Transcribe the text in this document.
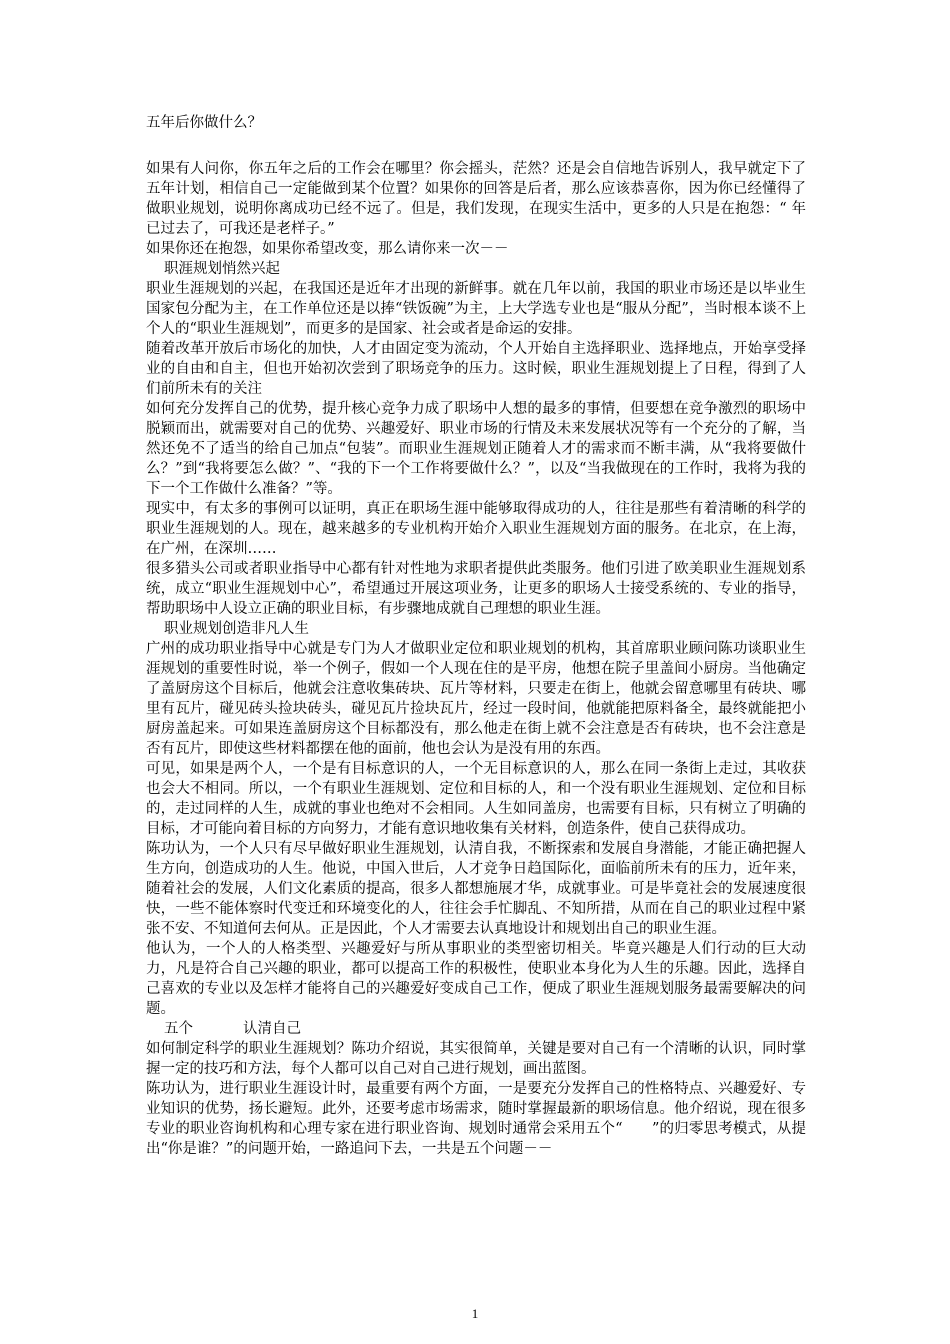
五年后你做什么？

如果有人问你，你五年之后的工作会在哪里？你会摇头，茫然？还是会自信地告诉别人，我早就定下了五年计划，相信自己一定能做到某个位置？如果你的回答是后者，那么应该恭喜你，因为你已经懂得了做职业规划，说明你离成功已经不远了。但是，我们发现，在现实生活中，更多的人只是在抱怨：“ 年已过去了，可我还是老样子。”

如果你还在抱怨，如果你希望改变，那么请你来一次－－

职涯规划悄然兴起

职业生涯规划的兴起，在我国还是近年才出现的新鲜事。就在几年以前，我国的职业市场还是以毕业生国家包分配为主，在工作单位还是以捧“铁饭碗”为主，上大学选专业也是“服从分配”，当时根本谈不上个人的“职业生涯规划”，而更多的是国家、社会或者是命运的安排。

随着改革开放后市场化的加快，人才由固定变为流动，个人开始自主选择职业、选择地点，开始享受择业的自由和自主，但也开始初次尝到了职场竞争的压力。这时候，职业生涯规划提上了日程，得到了人们前所未有的关注

如何充分发挥自己的优势，提升核心竞争力成了职场中人想的最多的事情，但要想在竞争激烈的职场中脱颖而出，就需要对自己的优势、兴趣爱好、职业市场的行情及未来发展状况等有一个充分的了解，当然还免不了适当的给自己加点“包装”。而职业生涯规划正随着人才的需求而不断丰满，从“我将要做什么？”到“我将要怎么做？”、“我的下一个工作将要做什么？”，以及“当我做现在的工作时，我将为我的下一个工作做什么准备？”等。

现实中，有太多的事例可以证明，真正在职场生涯中能够取得成功的人，往往是那些有着清晰的科学的职业生涯规划的人。现在，越来越多的专业机构开始介入职业生涯规划方面的服务。在北京，在上海，在广州，在深圳……

很多猎头公司或者职业指导中心都有针对性地为求职者提供此类服务。他们引进了欧美职业生涯规划系统，成立“职业生涯规划中心”，希望通过开展这项业务，让更多的职场人士接受系统的、专业的指导，帮助职场中人设立正确的职业目标，有步骤地成就自己理想的职业生涯。

职业规划创造非凡人生

广州的成功职业指导中心就是专门为人才做职业定位和职业规划的机构，其首席职业顾问陈功谈职业生涯规划的重要性时说，举一个例子，假如一个人现在住的是平房，他想在院子里盖间小厨房。当他确定了盖厨房这个目标后，他就会注意收集砖块、瓦片等材料，只要走在街上，他就会留意哪里有砖块、哪里有瓦片，碰见砖头捡块砖头，碰见瓦片捡块瓦片，经过一段时间，他就能把原料备全，最终就能把小厨房盖起来。可如果连盖厨房这个目标都没有，那么他走在街上就不会注意是否有砖块，也不会注意是否有瓦片，即使这些材料都摆在他的面前，他也会认为是没有用的东西。

可见，如果是两个人，一个是有目标意识的人，一个无目标意识的人，那么在同一条街上走过，其收获也会大不相同。所以，一个有职业生涯规划、定位和目标的人，和一个没有职业生涯规划、定位和目标的，走过同样的人生，成就的事业也绝对不会相同。人生如同盖房，也需要有目标，只有树立了明确的目标，才可能向着目标的方向努力，才能有意识地收集有关材料，创造条件，使自己获得成功。

陈功认为，一个人只有尽早做好职业生涯规划，认清自我，不断探索和发展自身潜能，才能正确把握人生方向，创造成功的人生。他说，中国入世后，人才竞争日趋国际化，面临前所未有的压力，近年来，随着社会的发展，人们文化素质的提高，很多人都想施展才华，成就事业。可是毕竟社会的发展速度很快，一些不能体察时代变迁和环境变化的人，往往会手忙脚乱、不知所措，从而在自己的职业过程中紧张不安、不知道何去何从。正是因此，个人才需要去认真地设计和规划出自己的职业生涯。

他认为，一个人的人格类型、兴趣爱好与所从事职业的类型密切相关。毕竟兴趣是人们行动的巨大动力，凡是符合自己兴趣的职业，都可以提高工作的积极性，使职业本身化为人生的乐趣。因此，选择自己喜欢的专业以及怎样才能将自己的兴趣爱好变成自己工作，便成了职业生涯规划服务最需要解决的问题。

五个	认清自己

如何制定科学的职业生涯规划？陈功介绍说，其实很简单，关键是要对自己有一个清晰的认识，同时掌握一定的技巧和方法，每个人都可以自己对自己进行规划，画出蓝图。

陈功认为，进行职业生涯设计时，最重要有两个方面，一是要充分发挥自己的性格特点、兴趣爱好、专业知识的优势，扬长避短。此外，还要考虑市场需求，随时掌握最新的职场信息。他介绍说，现在很多专业的职业咨询机构和心理专家在进行职业咨询、规划时通常会采用五个“　　”的归零思考模式，从提出“你是谁？”的问题开始，一路追问下去，一共是五个问题－－

1
